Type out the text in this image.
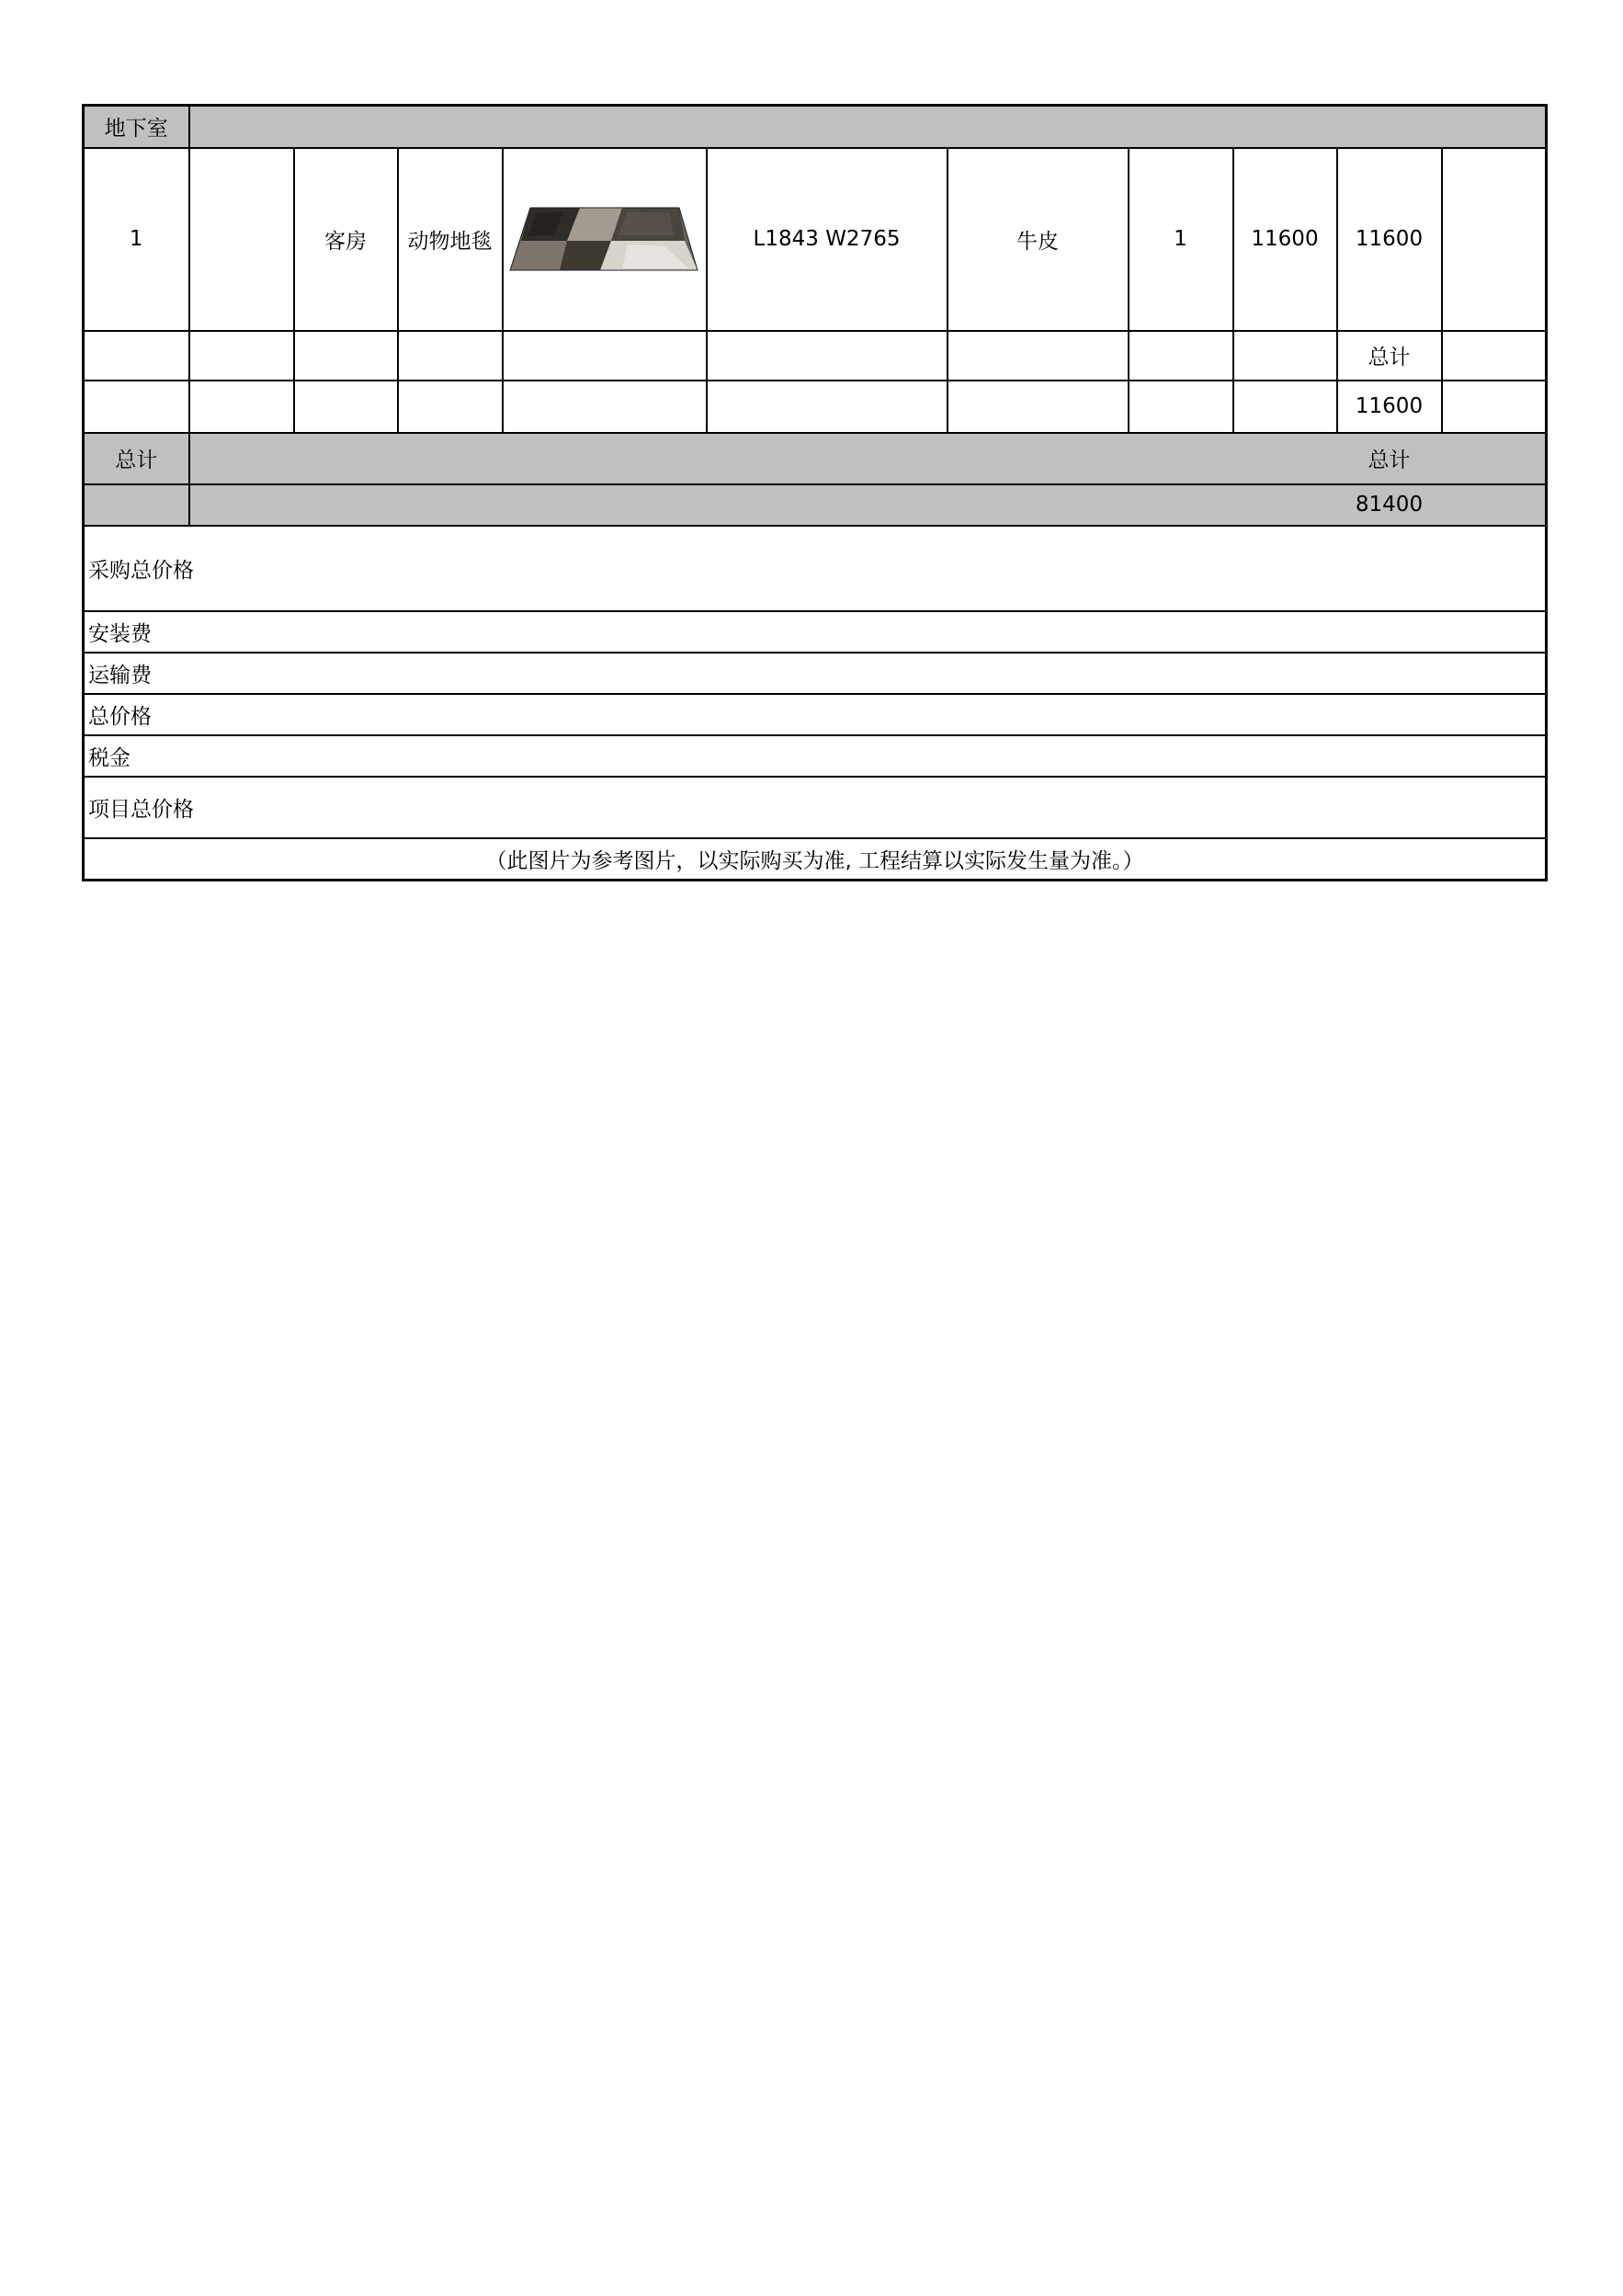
地下室										
1		客房	动物地毯		L1843 W2765	牛皮	1	11600	11600	
									总计	
									11600	
总计									总计	
									81400	
采购总价格										
安装费										
运输费										
总价格										
税金										
项目总价格										
（此图片为参考图片，以实际购买为准, 工程结算以实际发生量为准。）										
